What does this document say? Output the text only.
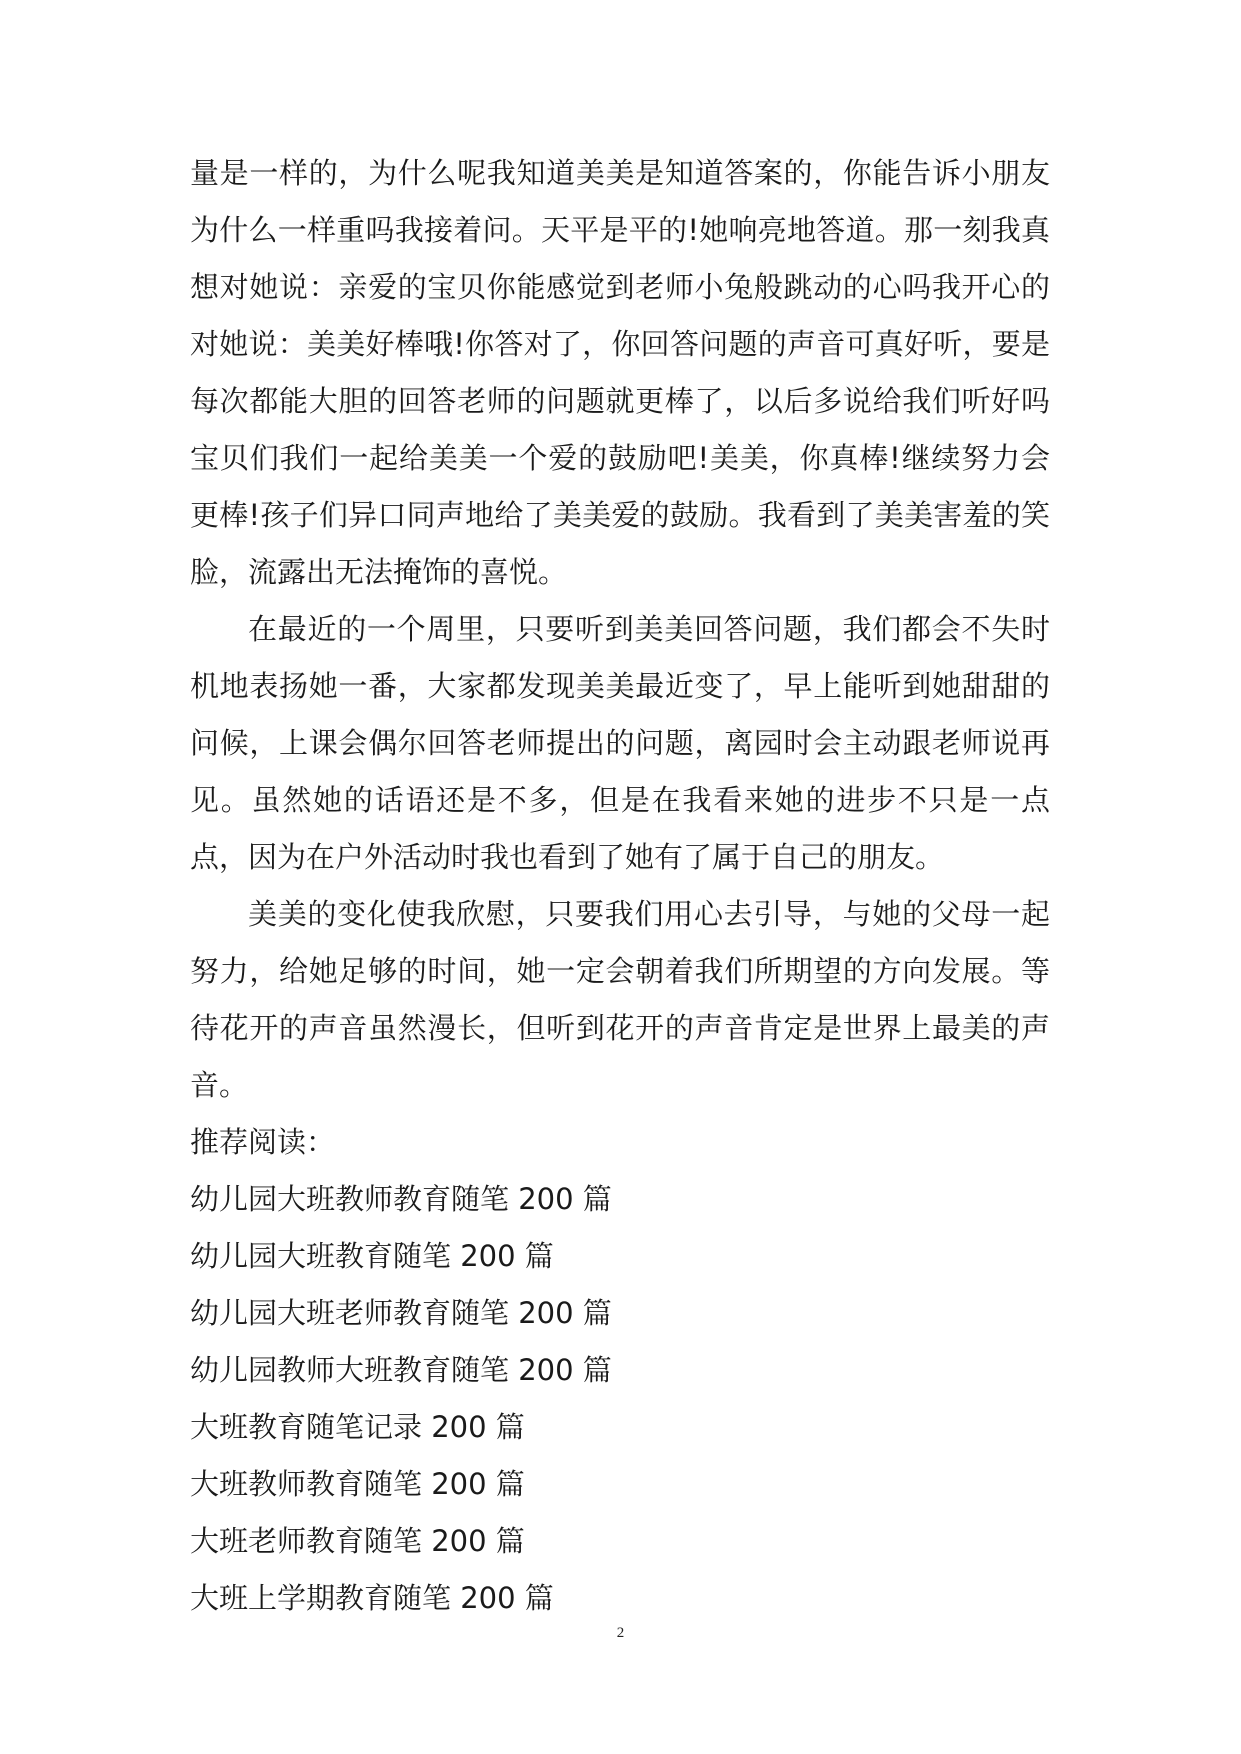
量是一样的，为什么呢我知道美美是知道答案的，你能告诉小朋友为什么一样重吗我接着问。天平是平的!她响亮地答道。那一刻我真想对她说：亲爱的宝贝你能感觉到老师小兔般跳动的心吗我开心的对她说：美美好棒哦!你答对了，你回答问题的声音可真好听，要是每次都能大胆的回答老师的问题就更棒了，以后多说给我们听好吗宝贝们我们一起给美美一个爱的鼓励吧!美美，你真棒!继续努力会更棒!孩子们异口同声地给了美美爱的鼓励。我看到了美美害羞的笑脸，流露出无法掩饰的喜悦。

在最近的一个周里，只要听到美美回答问题，我们都会不失时机地表扬她一番，大家都发现美美最近变了，早上能听到她甜甜的问候，上课会偶尔回答老师提出的问题，离园时会主动跟老师说再见。虽然她的话语还是不多，但是在我看来她的进步不只是一点点，因为在户外活动时我也看到了她有了属于自己的朋友。

美美的变化使我欣慰，只要我们用心去引导，与她的父母一起努力，给她足够的时间，她一定会朝着我们所期望的方向发展。等待花开的声音虽然漫长，但听到花开的声音肯定是世界上最美的声音。

推荐阅读：

幼儿园大班教师教育随笔 200 篇
幼儿园大班教育随笔 200 篇
幼儿园大班老师教育随笔 200 篇
幼儿园教师大班教育随笔 200 篇
大班教育随笔记录 200 篇
大班教师教育随笔 200 篇
大班老师教育随笔 200 篇
大班上学期教育随笔 200 篇
2
